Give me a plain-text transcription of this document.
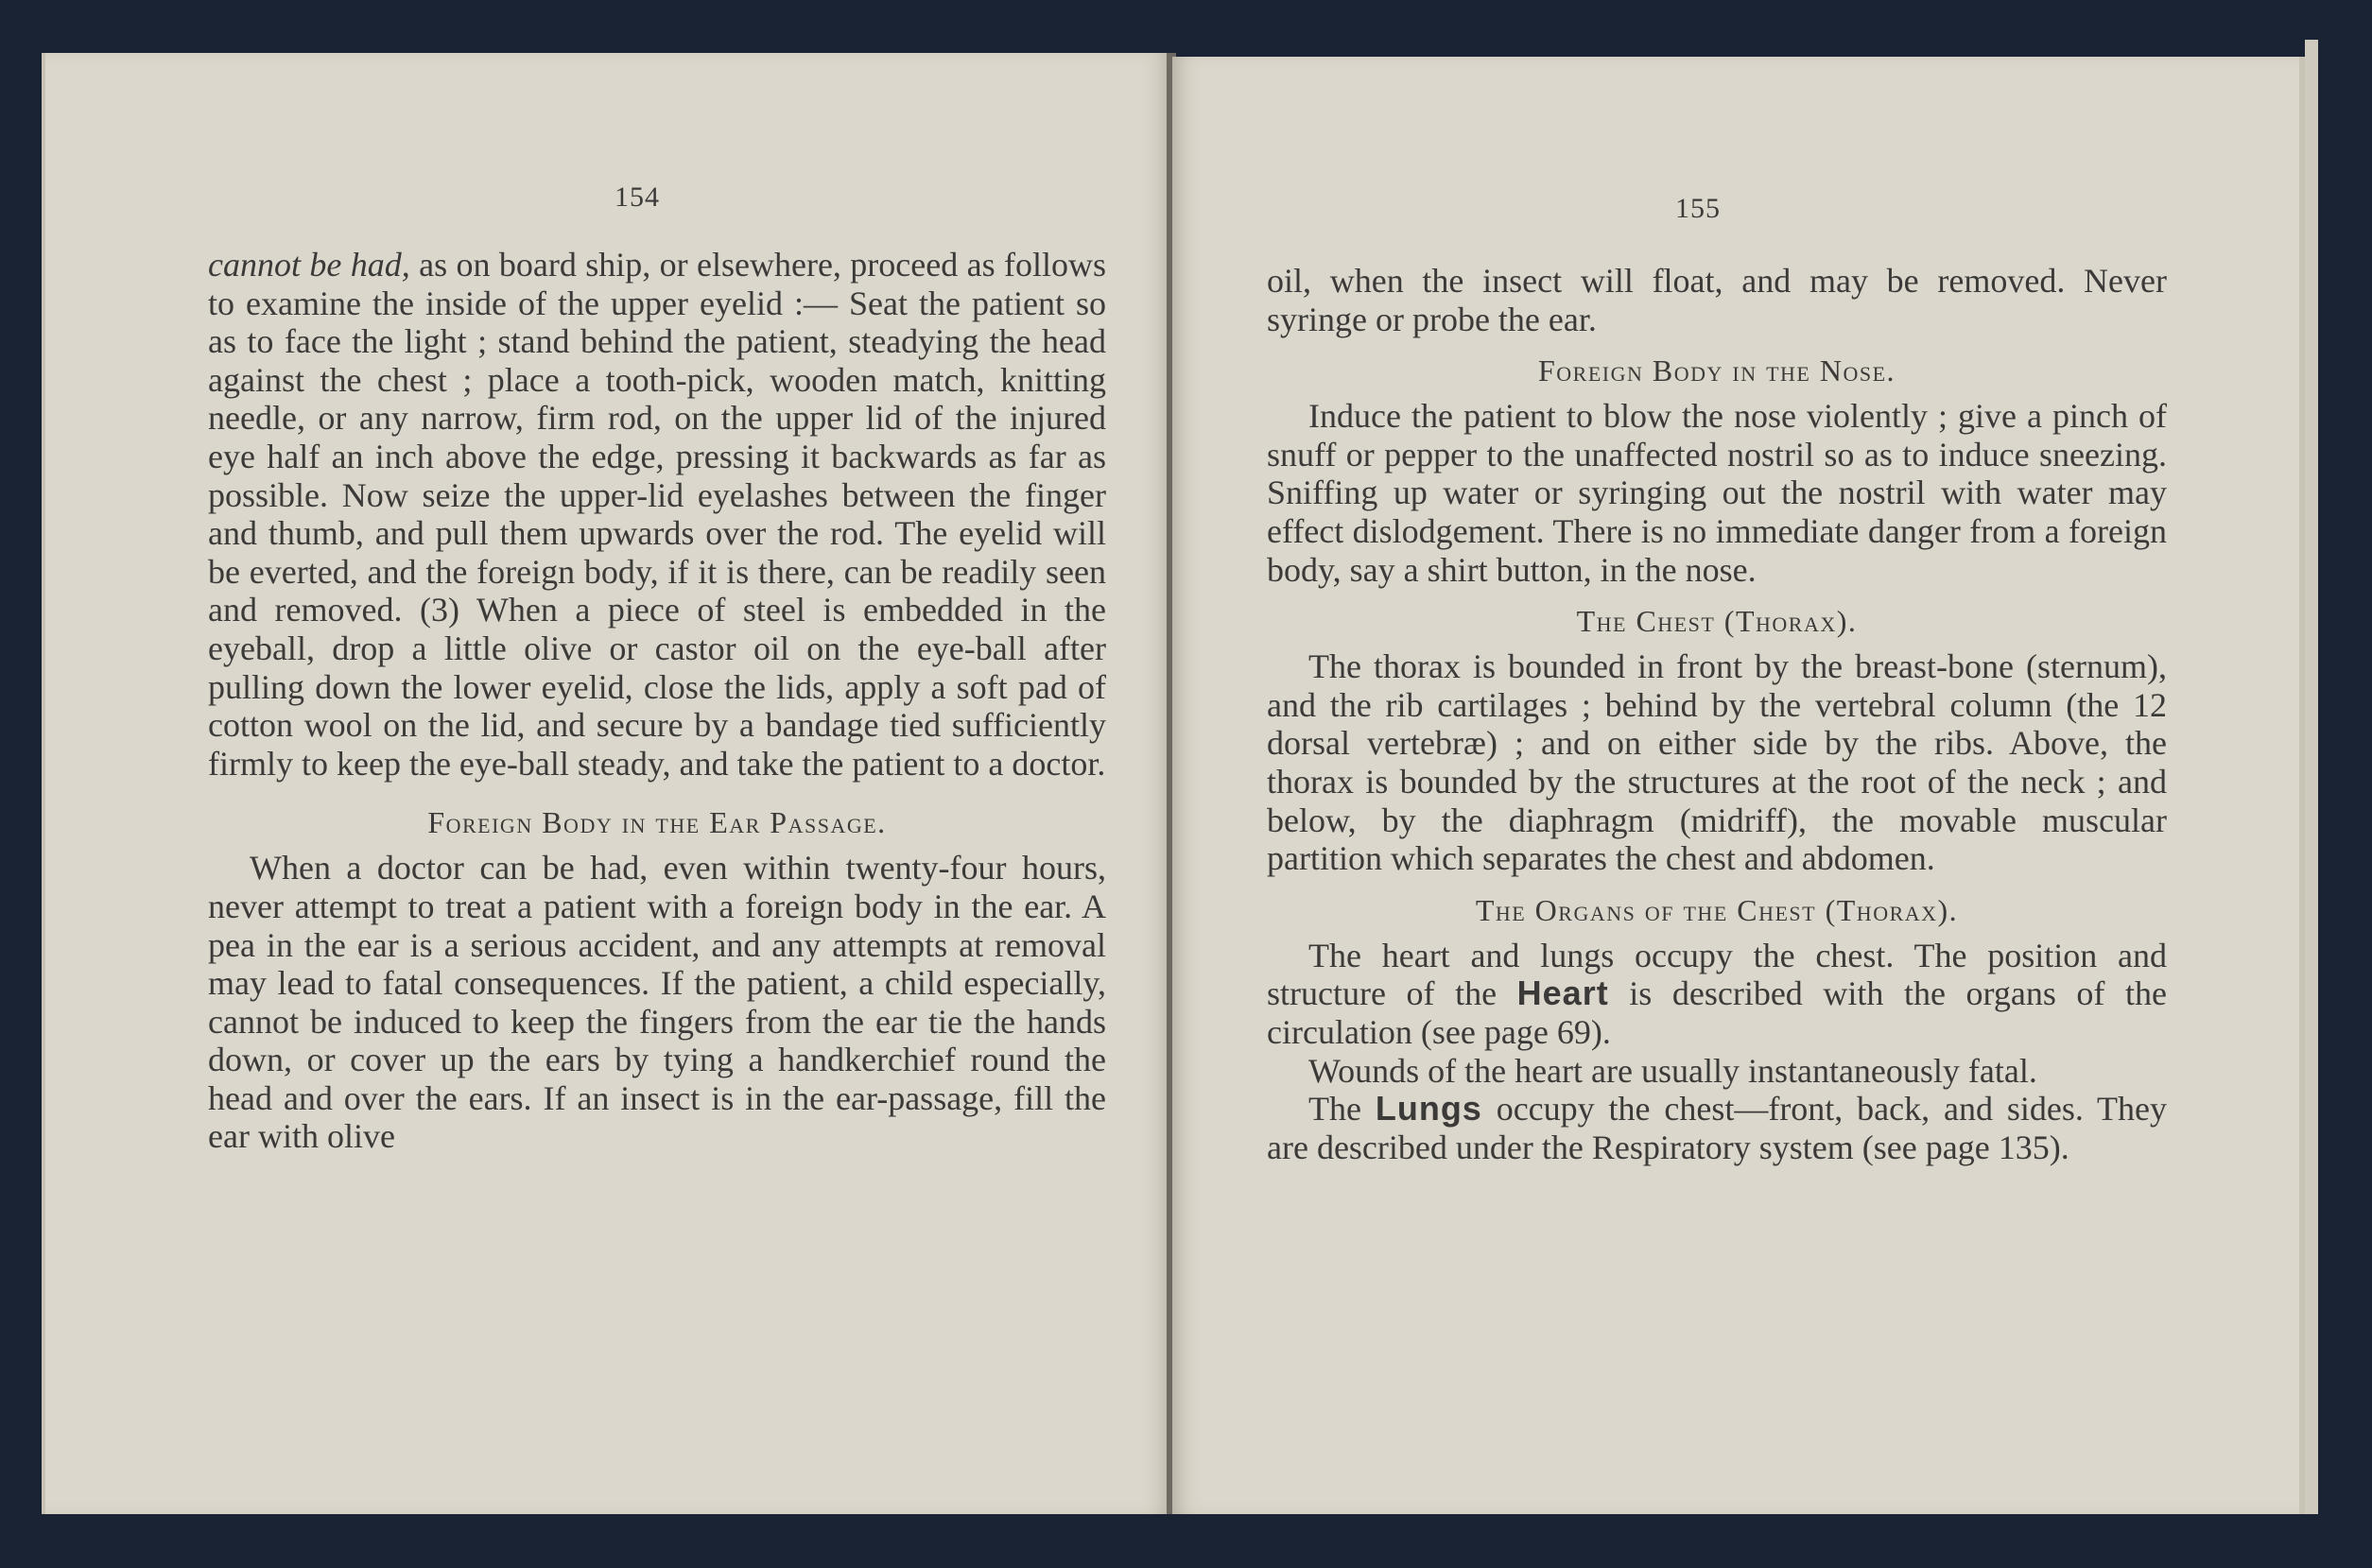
154

cannot be had, as on board ship, or elsewhere, proceed as follows to examine the inside of the upper eyelid :— Seat the patient so as to face the light ; stand behind the patient, steadying the head against the chest ; place a tooth-pick, wooden match, knitting needle, or any narrow, firm rod, on the upper lid of the injured eye half an inch above the edge, pressing it backwards as far as possible. Now seize the upper-lid eyelashes between the finger and thumb, and pull them upwards over the rod. The eyelid will be everted, and the foreign body, if it is there, can be readily seen and removed. (3) When a piece of steel is embedded in the eyeball, drop a little olive or castor oil on the eye-ball after pulling down the lower eyelid, close the lids, apply a soft pad of cotton wool on the lid, and secure by a bandage tied sufficiently firmly to keep the eye-ball steady, and take the patient to a doctor.

Foreign Body in the Ear Passage.

When a doctor can be had, even within twenty-four hours, never attempt to treat a patient with a foreign body in the ear. A pea in the ear is a serious accident, and any attempts at removal may lead to fatal consequences. If the patient, a child especially, cannot be induced to keep the fingers from the ear tie the hands down, or cover up the ears by tying a handkerchief round the head and over the ears. If an insect is in the ear-passage, fill the ear with olive

155

oil, when the insect will float, and may be removed. Never syringe or probe the ear.

Foreign Body in the Nose.

Induce the patient to blow the nose violently ; give a pinch of snuff or pepper to the unaffected nostril so as to induce sneezing. Sniffing up water or syringing out the nostril with water may effect dislodgement. There is no immediate danger from a foreign body, say a shirt button, in the nose.

The Chest (Thorax).

The thorax is bounded in front by the breast-bone (sternum), and the rib cartilages ; behind by the vertebral column (the 12 dorsal vertebræ) ; and on either side by the ribs. Above, the thorax is bounded by the structures at the root of the neck ; and below, by the diaphragm (midriff), the movable muscular partition which separates the chest and abdomen.

The Organs of the Chest (Thorax).

The heart and lungs occupy the chest. The position and structure of the Heart is described with the organs of the circulation (see page 69).

Wounds of the heart are usually instantaneously fatal.

The Lungs occupy the chest—front, back, and sides. They are described under the Respiratory system (see page 135).
